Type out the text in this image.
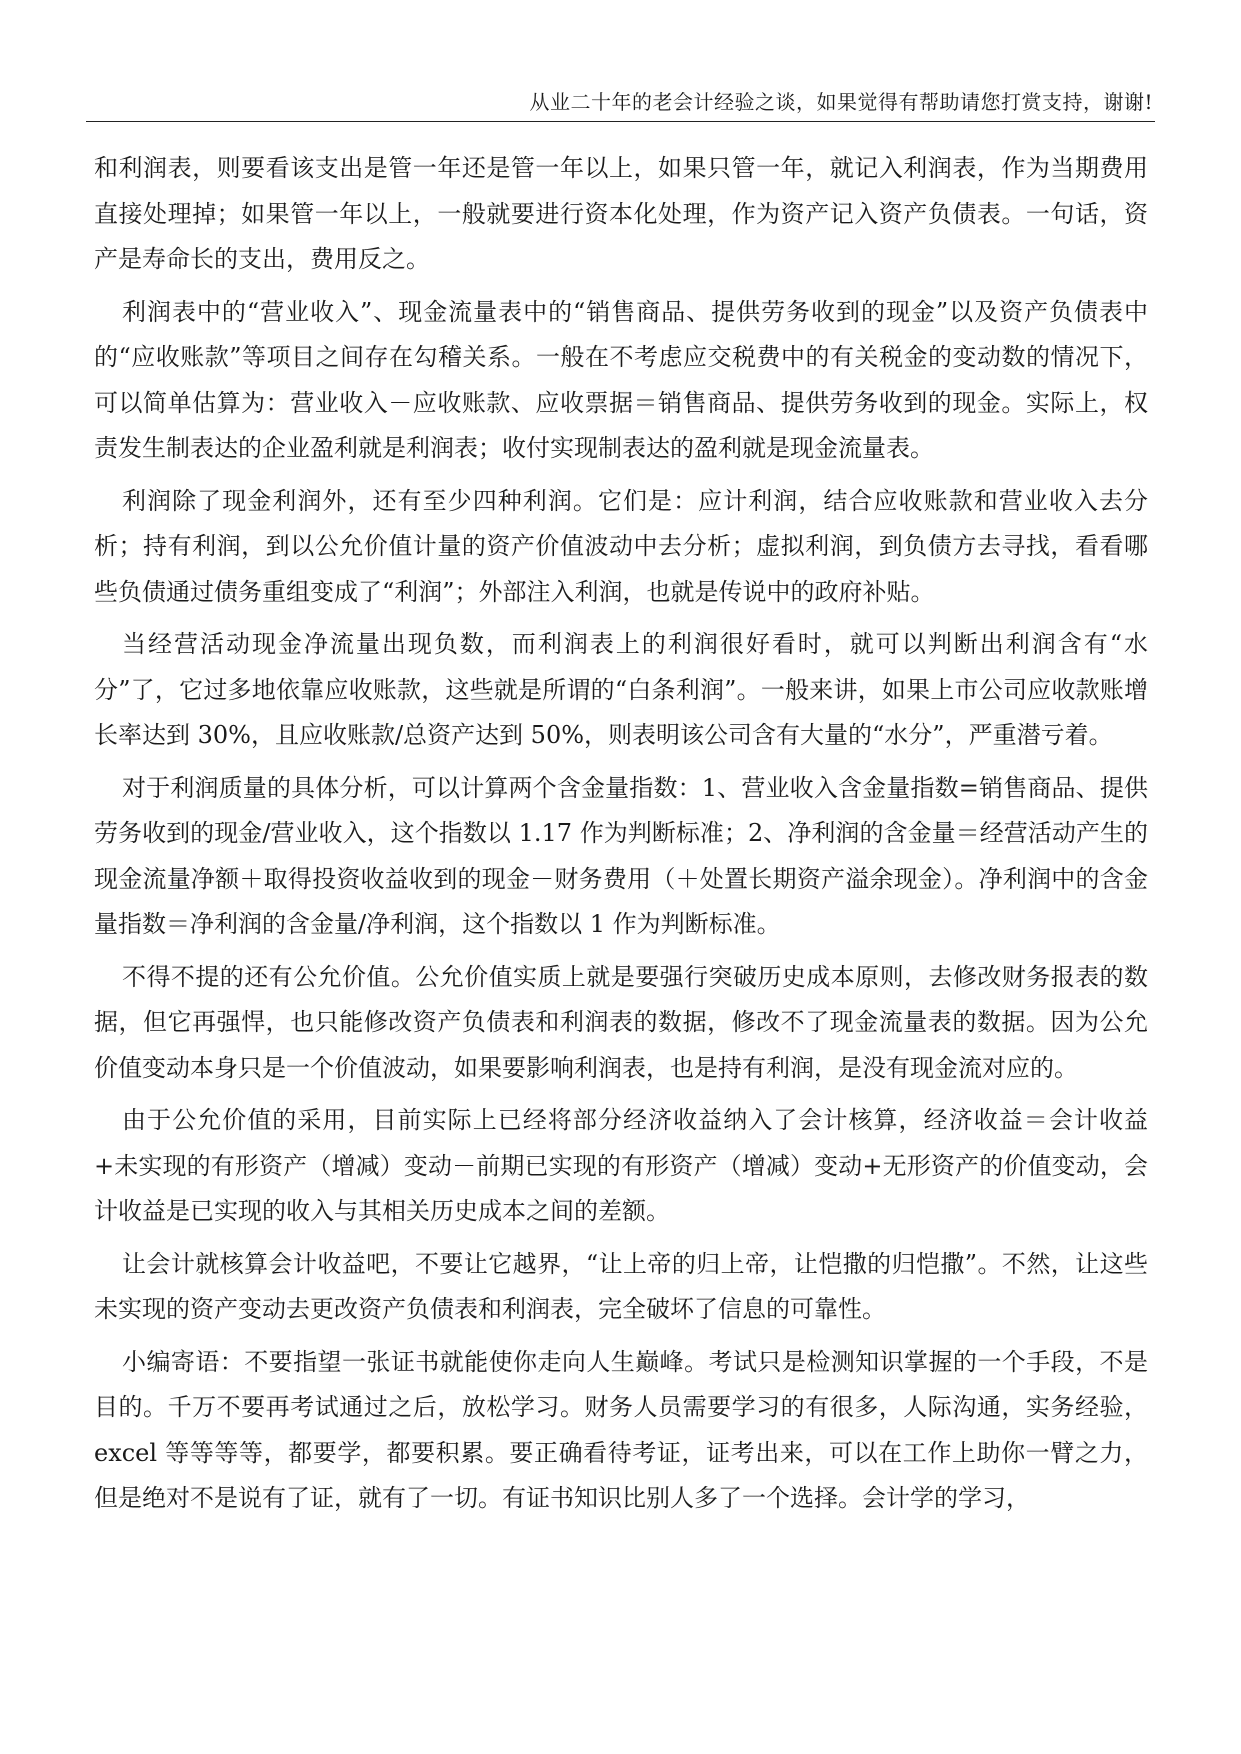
从业二十年的老会计经验之谈，如果觉得有帮助请您打赏支持，谢谢!

和利润表，则要看该支出是管一年还是管一年以上，如果只管一年，就记入利润表，作为当期费用直接处理掉；如果管一年以上，一般就要进行资本化处理，作为资产记入资产负债表。一句话，资产是寿命长的支出，费用反之。

利润表中的“营业收入”、现金流量表中的“销售商品、提供劳务收到的现金”以及资产负债表中的“应收账款”等项目之间存在勾稽关系。一般在不考虑应交税费中的有关税金的变动数的情况下，可以简单估算为：营业收入－应收账款、应收票据＝销售商品、提供劳务收到的现金。实际上，权责发生制表达的企业盈利就是利润表；收付实现制表达的盈利就是现金流量表。

利润除了现金利润外，还有至少四种利润。它们是：应计利润，结合应收账款和营业收入去分析；持有利润，到以公允价值计量的资产价值波动中去分析；虚拟利润，到负债方去寻找，看看哪些负债通过债务重组变成了“利润”；外部注入利润，也就是传说中的政府补贴。

当经营活动现金净流量出现负数，而利润表上的利润很好看时，就可以判断出利润含有“水分”了，它过多地依靠应收账款，这些就是所谓的“白条利润”。一般来讲，如果上市公司应收款账增长率达到 30%，且应收账款/总资产达到 50%，则表明该公司含有大量的“水分”，严重潜亏着。

对于利润质量的具体分析，可以计算两个含金量指数：1、营业收入含金量指数=销售商品、提供劳务收到的现金/营业收入，这个指数以 1.17 作为判断标准；2、净利润的含金量＝经营活动产生的现金流量净额＋取得投资收益收到的现金－财务费用（＋处置长期资产溢余现金）。净利润中的含金量指数＝净利润的含金量/净利润，这个指数以 1 作为判断标准。

不得不提的还有公允价值。公允价值实质上就是要强行突破历史成本原则，去修改财务报表的数据，但它再强悍，也只能修改资产负债表和利润表的数据，修改不了现金流量表的数据。因为公允价值变动本身只是一个价值波动，如果要影响利润表，也是持有利润，是没有现金流对应的。

由于公允价值的采用，目前实际上已经将部分经济收益纳入了会计核算，经济收益＝会计收益+未实现的有形资产（增减）变动－前期已实现的有形资产（增减）变动+无形资产的价值变动，会计收益是已实现的收入与其相关历史成本之间的差额。

让会计就核算会计收益吧，不要让它越界，“让上帝的归上帝，让恺撒的归恺撒”。不然，让这些未实现的资产变动去更改资产负债表和利润表，完全破坏了信息的可靠性。

小编寄语：不要指望一张证书就能使你走向人生巅峰。考试只是检测知识掌握的一个手段，不是目的。千万不要再考试通过之后，放松学习。财务人员需要学习的有很多，人际沟通，实务经验，excel 等等等等，都要学，都要积累。要正确看待考证，证考出来，可以在工作上助你一臂之力，但是绝对不是说有了证，就有了一切。有证书知识比别人多了一个选择。会计学的学习，
